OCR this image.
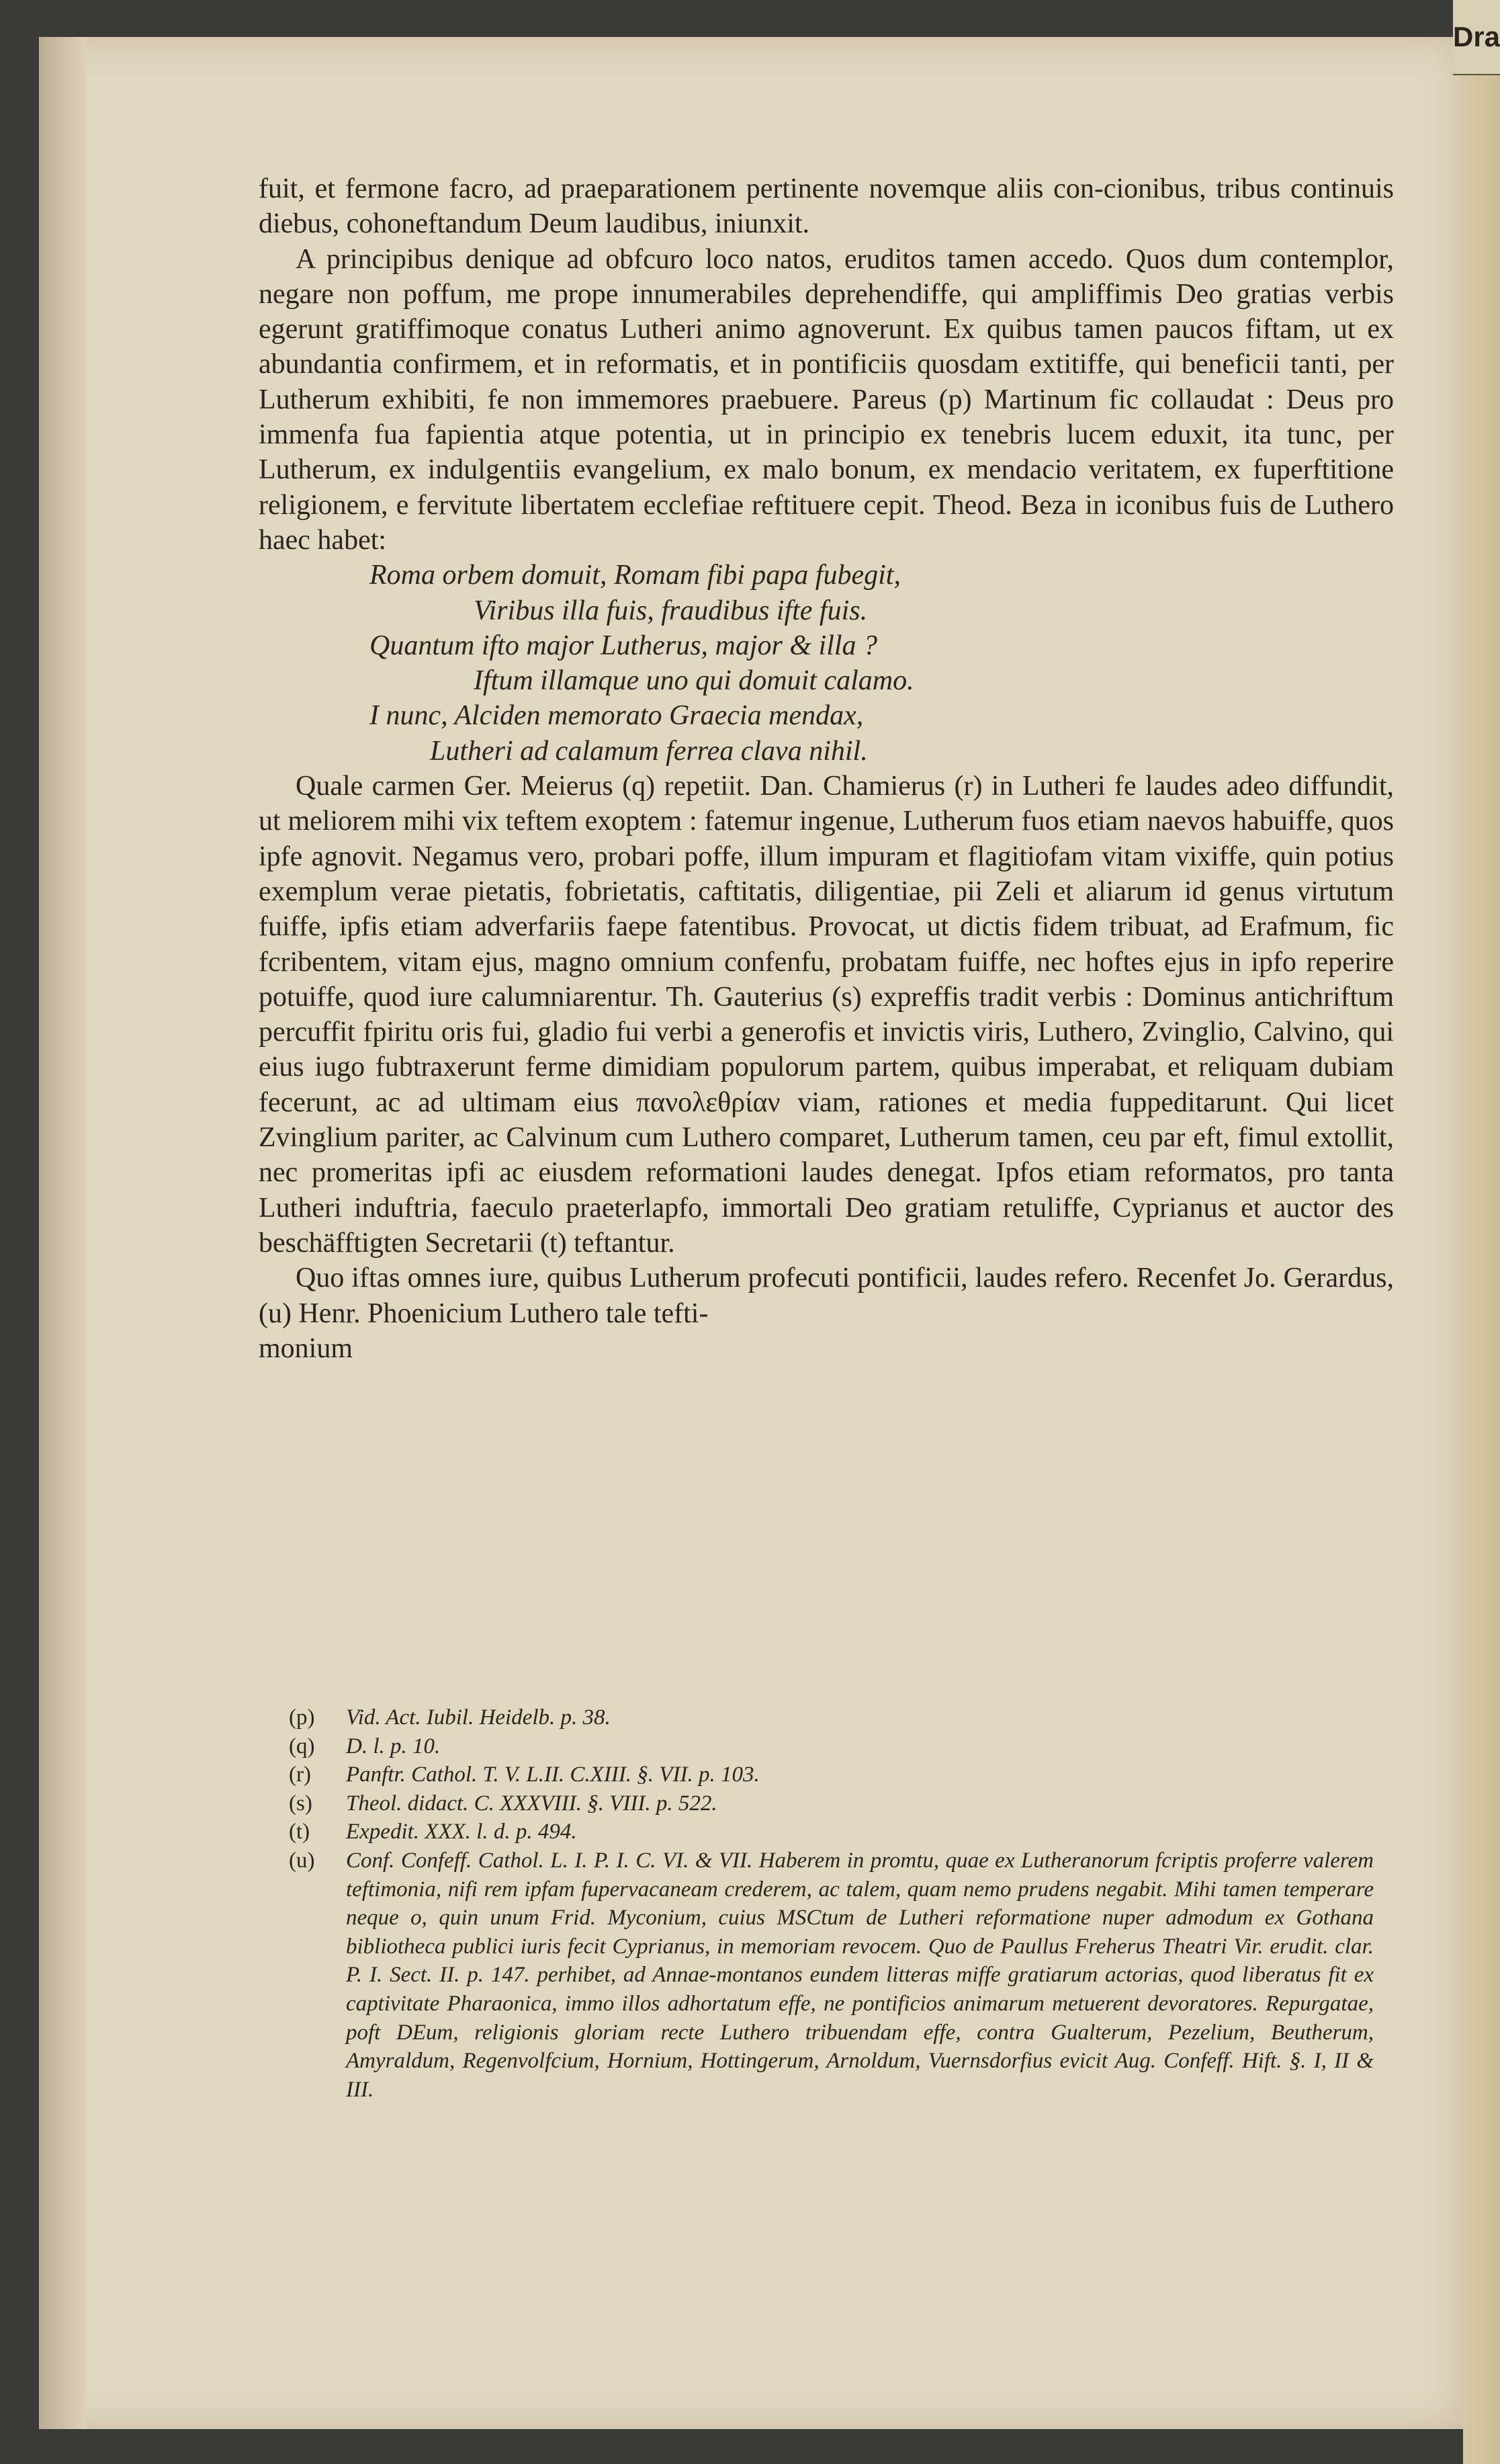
Dra

fuit, et fermone facro, ad praeparationem pertinente novemque aliis con-cionibus, tribus continuis diebus, cohoneftandum Deum laudibus, iniunxit.

A principibus denique ad obfcuro loco natos, eruditos tamen accedo. Quos dum contemplor, negare non poffum, me prope innumerabiles deprehendiffe, qui ampliffimis Deo gratias verbis egerunt gratiffimoque conatus Lutheri animo agnoverunt. Ex quibus tamen paucos fiftam, ut ex abundantia confirmem, et in reformatis, et in pontificiis quosdam extitiffe, qui beneficii tanti, per Lutherum exhibiti, fe non immemores praebuere. Pareus (p) Martinum fic collaudat : Deus pro immenfa fua fapientia atque potentia, ut in principio ex tenebris lucem eduxit, ita tunc, per Lutherum, ex indulgentiis evangelium, ex malo bonum, ex mendacio veritatem, ex fuperftitione religionem, e fervitute libertatem ecclefiae reftituere cepit. Theod. Beza in iconibus fuis de Luthero haec habet:

Roma orbem domuit, Romam fibi papa fubegit,
Viribus illa fuis, fraudibus ifte fuis.
Quantum ifto major Lutherus, major & illa ?
Iftum illamque uno qui domuit calamo.
I nunc, Alciden memorato Graecia mendax,
Lutheri ad calamum ferrea clava nihil.

Quale carmen Ger. Meierus (q) repetiit. Dan. Chamierus (r) in Lutheri fe laudes adeo diffundit, ut meliorem mihi vix teftem exoptem : fatemur ingenue, Lutherum fuos etiam naevos habuiffe, quos ipfe agnovit. Negamus vero, probari poffe, illum impuram et flagitiofam vitam vixiffe, quin potius exemplum verae pietatis, fobrietatis, caftitatis, diligentiae, pii Zeli et aliarum id genus virtutum fuiffe, ipfis etiam adverfariis faepe fatentibus. Provocat, ut dictis fidem tribuat, ad Erafmum, fic fcribentem, vitam ejus, magno omnium confenfu, probatam fuiffe, nec hoftes ejus in ipfo reperire potuiffe, quod iure calumniarentur. Th. Gauterius (s) expreffis tradit verbis : Dominus antichriftum percuffit fpiritu oris fui, gladio fui verbi a generofis et invictis viris, Luthero, Zvinglio, Calvino, qui eius iugo fubtraxerunt ferme dimidiam populorum partem, quibus imperabat, et reliquam dubiam fecerunt, ac ad ultimam eius πανολεθρίαν viam, rationes et media fuppeditarunt. Qui licet Zvinglium pariter, ac Calvinum cum Luthero comparet, Lutherum tamen, ceu par eft, fimul extollit, nec promeritas ipfi ac eiusdem reformationi laudes denegat. Ipfos etiam reformatos, pro tanta Lutheri induftria, faeculo praeterlapfo, immortali Deo gratiam retuliffe, Cyprianus et auctor des beschäfftigten Secretarii (t) teftantur.

Quo iftas omnes iure, quibus Lutherum profecuti pontificii, laudes refero. Recenfet Jo. Gerardus, (u) Henr. Phoenicium Luthero tale tefti-

monium

(p)	Vid. Act. Iubil. Heidelb. p. 38.
(q)	D. l. p. 10.
(r)	Panftr. Cathol. T. V. L.II. C.XIII. §. VII. p. 103.
(s)	Theol. didact. C. XXXVIII. §. VIII. p. 522.
(t)	Expedit. XXX. l. d. p. 494.
(u)	Conf. Confeff. Cathol. L. I. P. I. C. VI. & VII. Haberem in promtu, quae ex Lutheranorum fcriptis proferre valerem teftimonia, nifi rem ipfam fupervacaneam crederem, ac talem, quam nemo prudens negabit. Mihi tamen temperare neque o, quin unum Frid. Myconium, cuius MSCtum de Lutheri reformatione nuper admodum ex Gothana bibliotheca publici iuris fecit Cyprianus, in memoriam revocem. Quo de Paullus Freherus Theatri Vir. erudit. clar. P. I. Sect. II. p. 147. perhibet, ad Annae-montanos eundem litteras miffe gratiarum actorias, quod liberatus fit ex captivitate Pharaonica, immo illos adhortatum effe, ne pontificios animarum metuerent devoratores. Repurgatae, poft DEum, religionis gloriam recte Luthero tribuendam effe, contra Gualterum, Pezelium, Beutherum, Amyraldum, Regenvolfcium, Hornium, Hottingerum, Arnoldum, Vuernsdorfius evicit Aug. Confeff. Hift. §. I, II & III.
